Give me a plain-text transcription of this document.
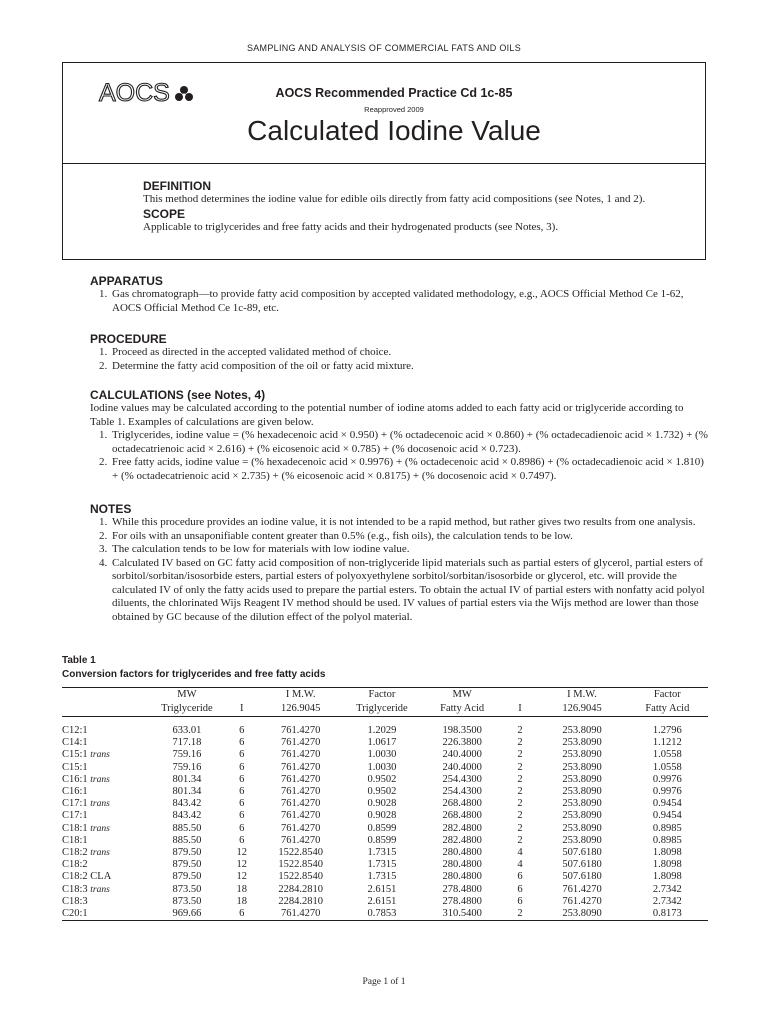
SAMPLING AND ANALYSIS OF COMMERCIAL FATS AND OILS
AOCS	AOCS Recommended Practice Cd 1c-85
Reapproved 2009
Calculated Iodine Value

DEFINITION

This method determines the iodine value for edible oils directly from fatty acid compositions (see Notes, 1 and 2).

SCOPE

Applicable to triglycerides and free fatty acids and their hydrogenated products (see Notes, 3).

APPARATUS

1. Gas chromatograph—to provide fatty acid composition by accepted validated methodology, e.g., AOCS Official Method Ce 1-62, AOCS Official Method Ce 1c-89, etc.

PROCEDURE

1. Proceed as directed in the accepted validated method of choice.
2. Determine the fatty acid composition of the oil or fatty acid mixture.

CALCULATIONS (see Notes, 4)

Iodine values may be calculated according to the potential number of iodine atoms added to each fatty acid or triglyceride according to Table 1. Examples of calculations are given below.

1. Triglycerides, iodine value = (% hexadecenoic acid × 0.950) + (% octadecenoic acid × 0.860) + (% octadecadienoic acid × 1.732) + (% octadecatrienoic acid × 2.616) + (% eicosenoic acid × 0.785) + (% docosenoic acid × 0.723).
2. Free fatty acids, iodine value = (% hexadecenoic acid × 0.9976) + (% octadecenoic acid × 0.8986) + (% octadecadienoic acid × 1.810) + (% octadecatrienoic acid × 2.735) + (% eicosenoic acid × 0.8175) + (% docosenoic acid × 0.7497).

NOTES

1. While this procedure provides an iodine value, it is not intended to be a rapid method, but rather gives two results from one analysis.
2. For oils with an unsaponifiable content greater than 0.5% (e.g., fish oils), the calculation tends to be low.
3. The calculation tends to be low for materials with low iodine value.
4. Calculated IV based on GC fatty acid composition of non-triglyceride lipid materials such as partial esters of glycerol, partial esters of sorbitol/sorbitan/isosorbide esters, partial esters of polyoxyethylene sorbitol/sorbitan/isosorbide or glycerol, etc. will provide the calculated IV of only the fatty acids used to prepare the partial esters. To obtain the actual IV of partial esters with nonfatty acid polyol diluents, the chlorinated Wijs Reagent IV method should be used. IV values of partial esters via the Wijs method are lower than those obtained by GC because of the dilution effect of the polyol material.
Table 1
Conversion factors for triglycerides and free fatty acids
	MW		I M.W.	Factor	MW		I M.W.	Factor
	Triglyceride	I	126.9045	Triglyceride	Fatty Acid	I	126.9045	Fatty Acid

C12:1	633.01	6	761.4270	1.2029	198.3500	2	253.8090	1.2796
C14:1	717.18	6	761.4270	1.0617	226.3800	2	253.8090	1.1212
C15:1 trans	759.16	6	761.4270	1.0030	240.4000	2	253.8090	1.0558
C15:1	759.16	6	761.4270	1.0030	240.4000	2	253.8090	1.0558
C16:1 trans	801.34	6	761.4270	0.9502	254.4300	2	253.8090	0.9976
C16:1	801.34	6	761.4270	0.9502	254.4300	2	253.8090	0.9976
C17:1 trans	843.42	6	761.4270	0.9028	268.4800	2	253.8090	0.9454
C17:1	843.42	6	761.4270	0.9028	268.4800	2	253.8090	0.9454
C18:1 trans	885.50	6	761.4270	0.8599	282.4800	2	253.8090	0.8985
C18:1	885.50	6	761.4270	0.8599	282.4800	2	253.8090	0.8985
C18:2 trans	879.50	12	1522.8540	1.7315	280.4800	4	507.6180	1.8098
C18:2	879.50	12	1522.8540	1.7315	280.4800	4	507.6180	1.8098
C18:2 CLA	879.50	12	1522.8540	1.7315	280.4800	6	507.6180	1.8098
C18:3 trans	873.50	18	2284.2810	2.6151	278.4800	6	761.4270	2.7342
C18:3	873.50	18	2284.2810	2.6151	278.4800	6	761.4270	2.7342
C20:1	969.66	6	761.4270	0.7853	310.5400	2	253.8090	0.8173

Page 1 of 1
